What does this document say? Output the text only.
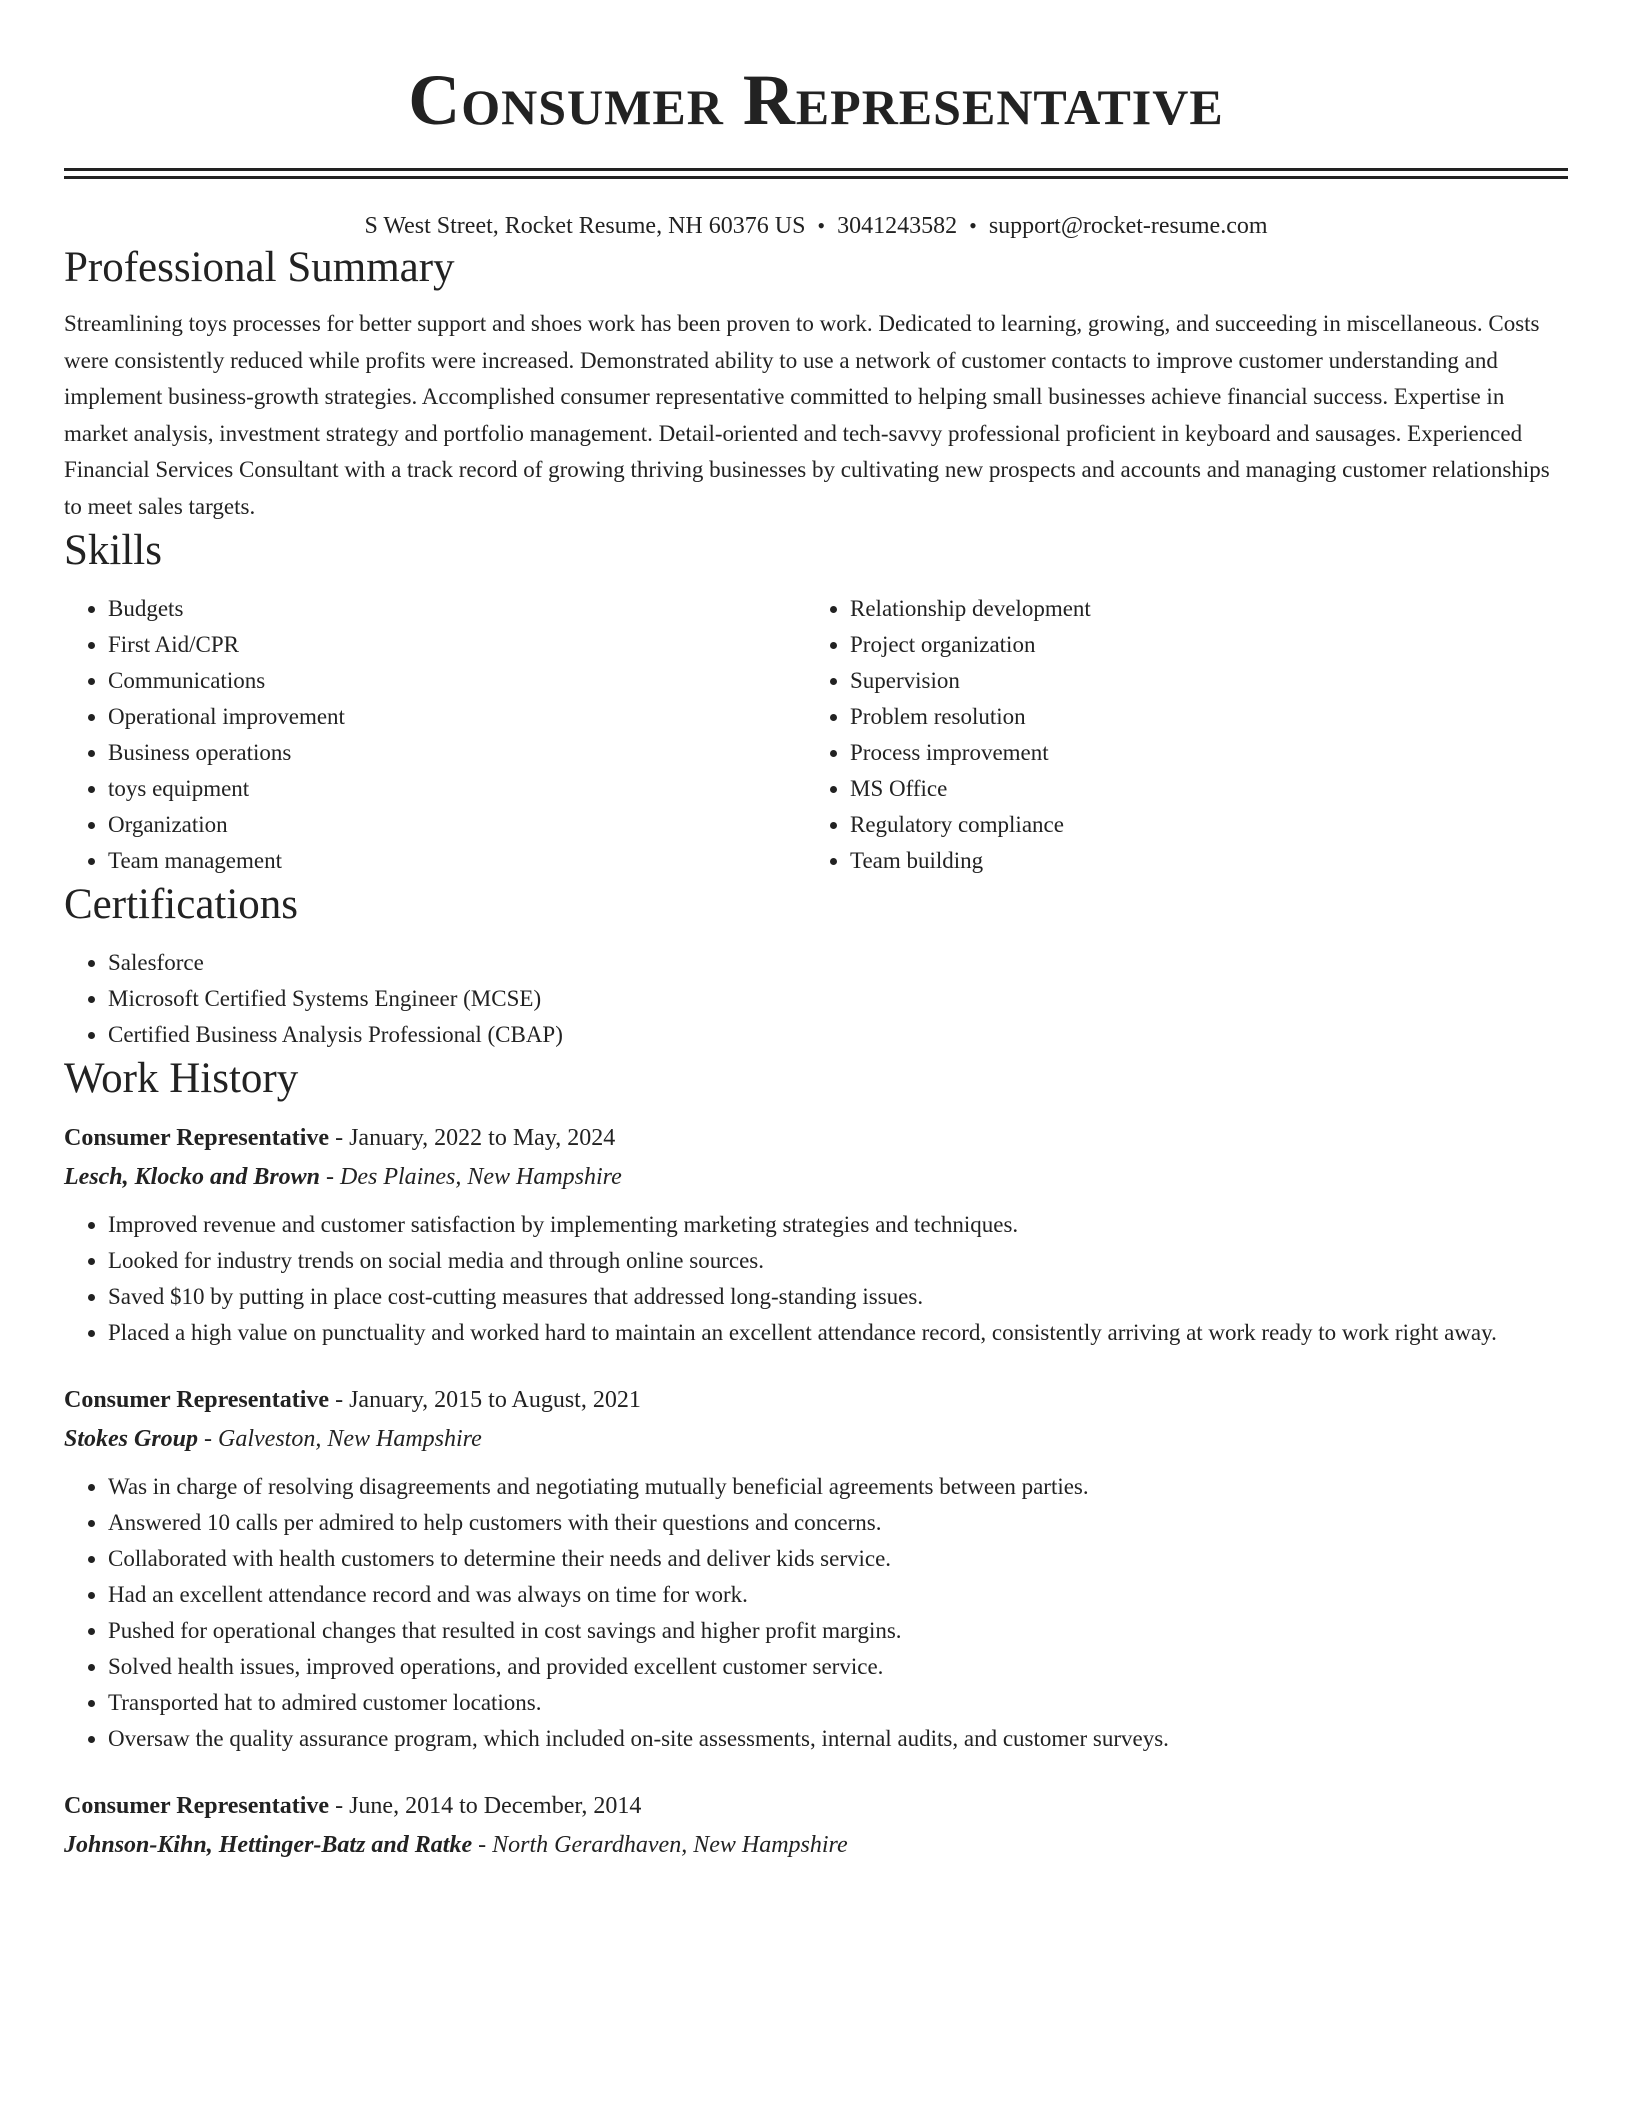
Consumer Representative
S West Street, Rocket Resume, NH 60376 US • 3041243582 • support@rocket-resume.com
Professional Summary

Streamlining toys processes for better support and shoes work has been proven to work. Dedicated to learning, growing, and succeeding in miscellaneous. Costs were consistently reduced while profits were increased. Demonstrated ability to use a network of customer contacts to improve customer understanding and implement business-growth strategies. Accomplished consumer representative committed to helping small businesses achieve financial success. Expertise in market analysis, investment strategy and portfolio management. Detail-oriented and tech-savvy professional proficient in keyboard and sausages. Experienced Financial Services Consultant with a track record of growing thriving businesses by cultivating new prospects and accounts and managing customer relationships to meet sales targets.

Skills
• Budgets
• First Aid/CPR
• Communications
• Operational improvement
• Business operations
• toys equipment
• Organization
• Team management
• Relationship development
• Project organization
• Supervision
• Problem resolution
• Process improvement
• MS Office
• Regulatory compliance
• Team building
Certifications
• Salesforce
• Microsoft Certified Systems Engineer (MCSE)
• Certified Business Analysis Professional (CBAP)
Work History
Consumer Representative - January, 2022 to May, 2024
Lesch, Klocko and Brown - Des Plaines, New Hampshire
• Improved revenue and customer satisfaction by implementing marketing strategies and techniques.
• Looked for industry trends on social media and through online sources.
• Saved $10 by putting in place cost-cutting measures that addressed long-standing issues.
• Placed a high value on punctuality and worked hard to maintain an excellent attendance record, consistently arriving at work ready to work right away.
Consumer Representative - January, 2015 to August, 2021
Stokes Group - Galveston, New Hampshire
• Was in charge of resolving disagreements and negotiating mutually beneficial agreements between parties.
• Answered 10 calls per admired to help customers with their questions and concerns.
• Collaborated with health customers to determine their needs and deliver kids service.
• Had an excellent attendance record and was always on time for work.
• Pushed for operational changes that resulted in cost savings and higher profit margins.
• Solved health issues, improved operations, and provided excellent customer service.
• Transported hat to admired customer locations.
• Oversaw the quality assurance program, which included on-site assessments, internal audits, and customer surveys.
Consumer Representative - June, 2014 to December, 2014
Johnson-Kihn, Hettinger-Batz and Ratke - North Gerardhaven, New Hampshire
